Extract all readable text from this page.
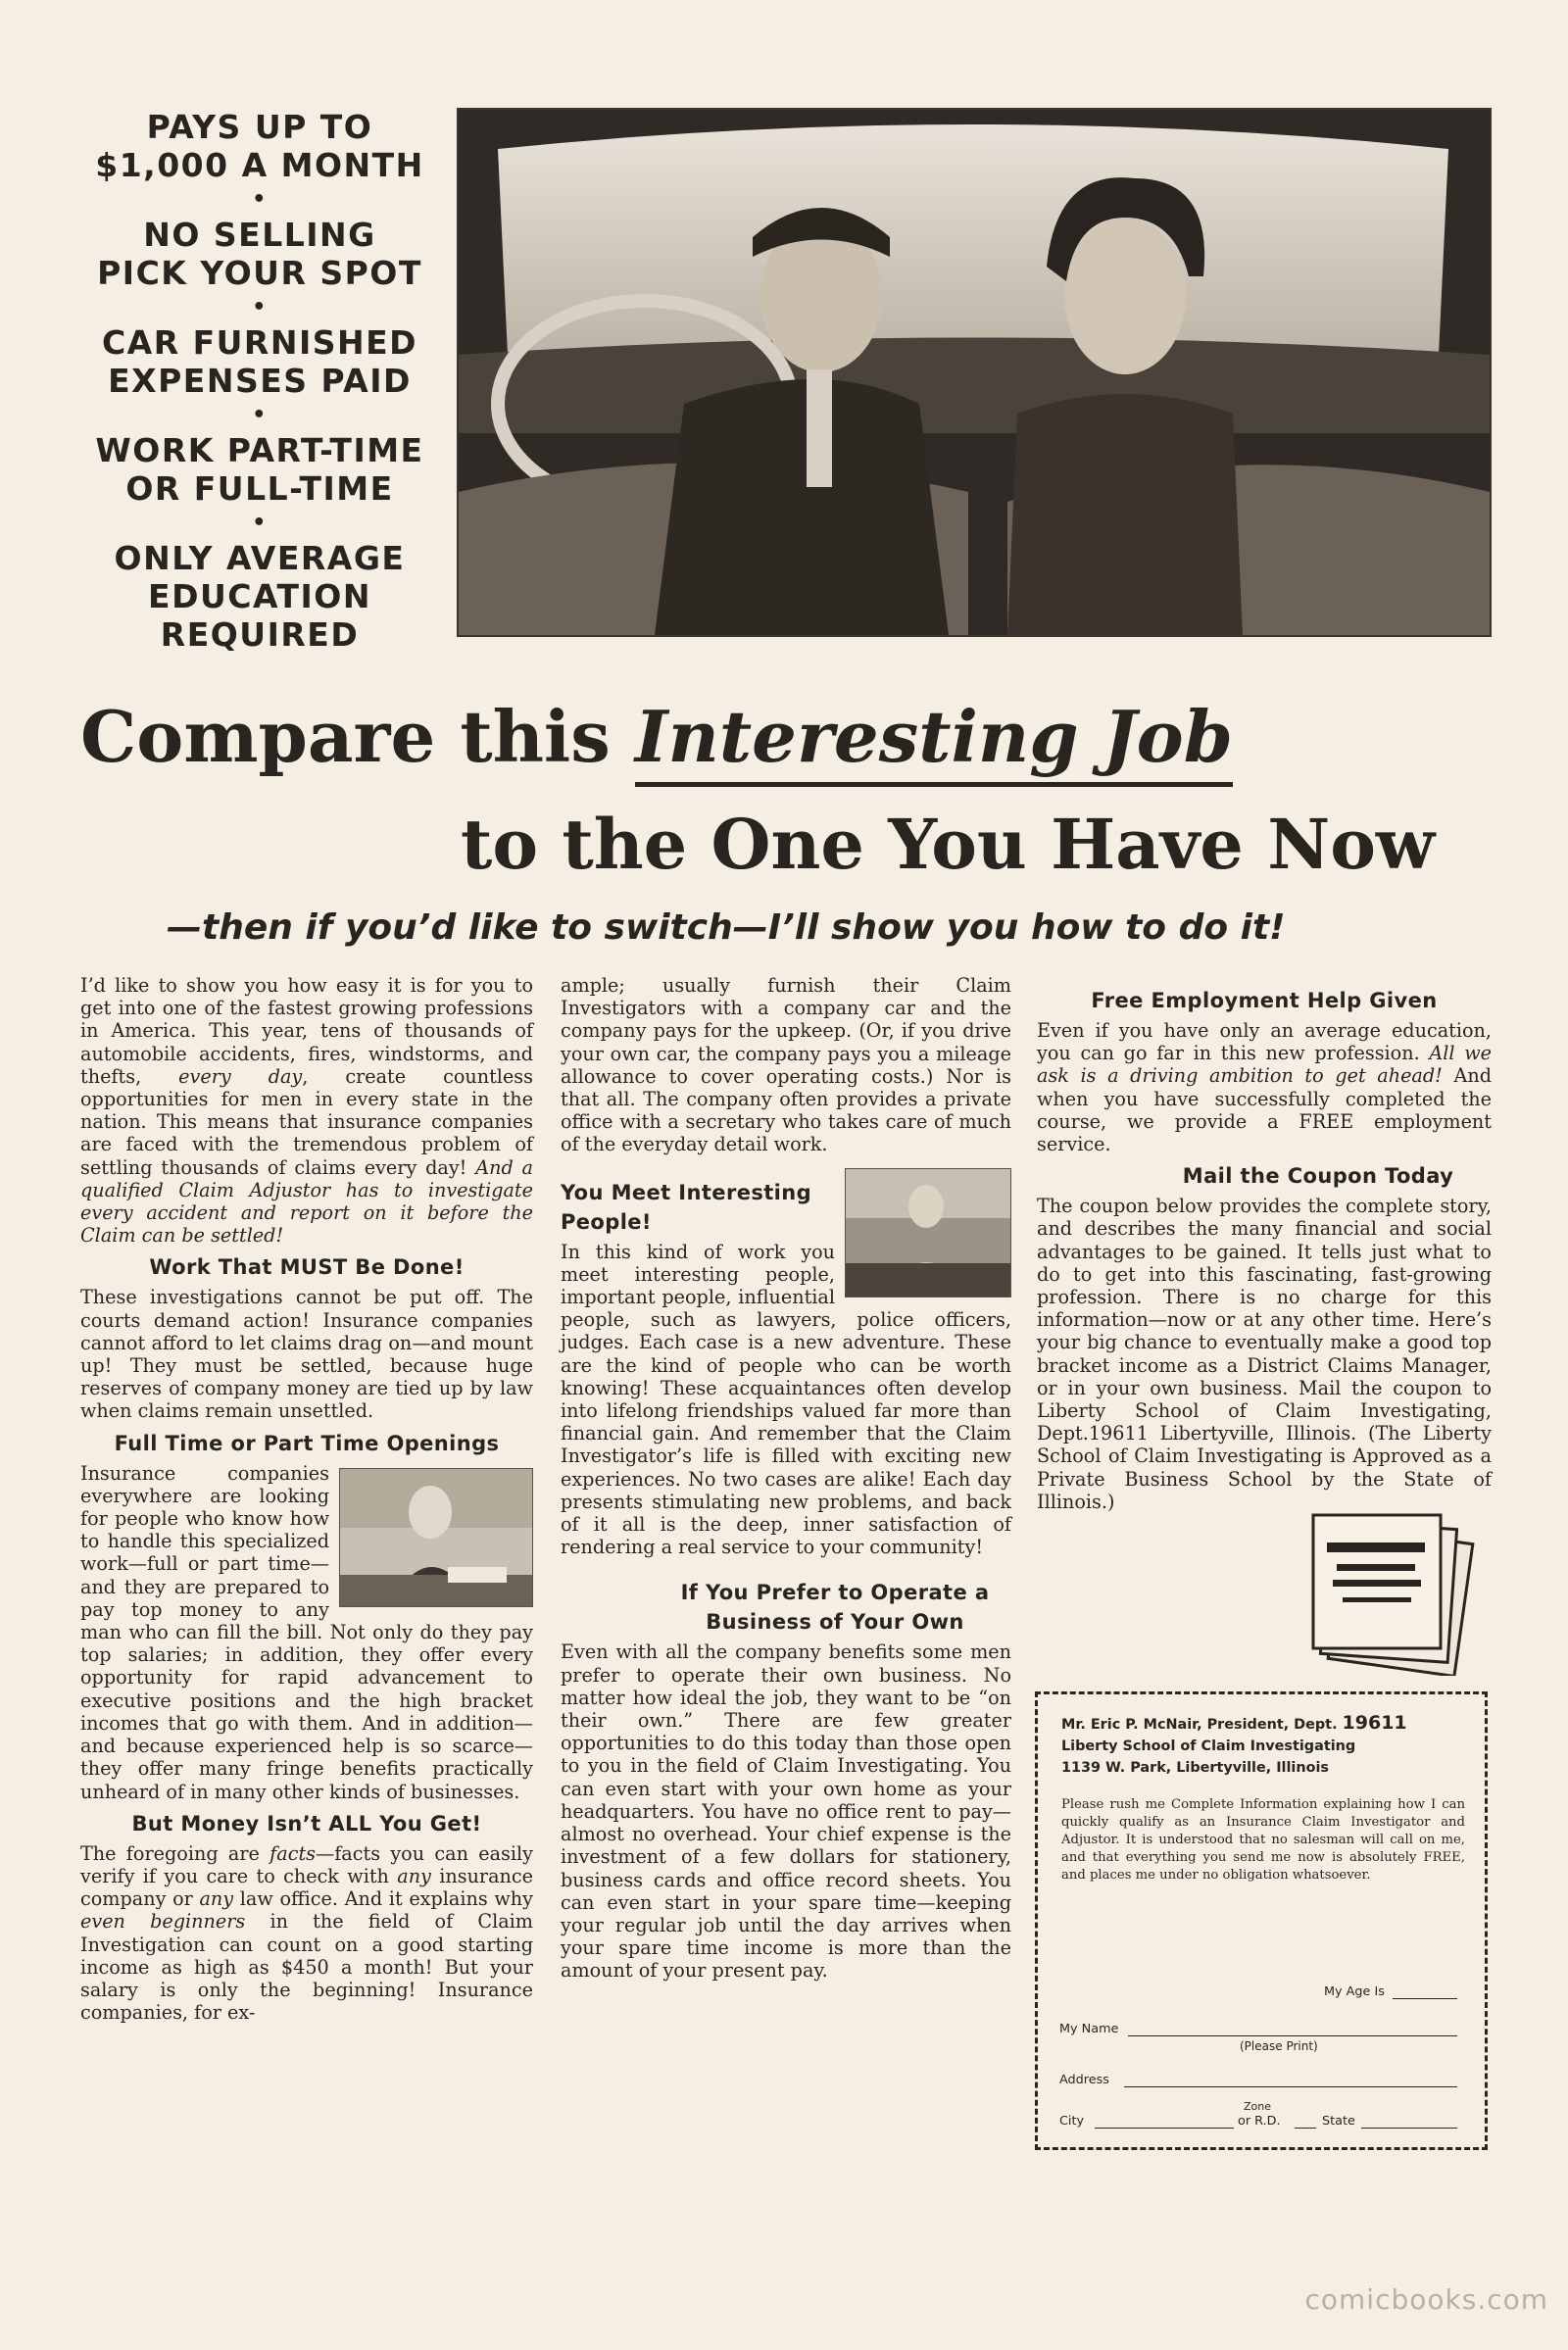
PAYS UP TO
$1,000 A MONTH
•
NO SELLING
PICK YOUR SPOT
•
CAR FURNISHED
EXPENSES PAID
•
WORK PART-TIME
OR FULL-TIME
•
ONLY AVERAGE
EDUCATION
REQUIRED
Compare this Interesting Job
to the One You Have Now
—then if you’d like to switch—I’ll show you how to do it!

I’d like to show you how easy it is for you to get into one of the fastest growing professions in America. This year, tens of thousands of automobile accidents, fires, windstorms, and thefts, every day, create countless opportunities for men in every state in the nation. This means that insurance companies are faced with the tremendous problem of settling thousands of claims every day! And a qualified Claim Adjustor has to investigate every accident and report on it before the Claim can be settled!

Work That MUST Be Done!

These investigations cannot be put off. The courts demand action! Insurance companies cannot afford to let claims drag on—and mount up! They must be settled, because huge reserves of company money are tied up by law when claims remain unsettled.

Full Time or Part Time Openings

Insurance companies everywhere are looking for people who know how to handle this specialized work—full or part time—and they are prepared to pay top money to any man who can fill the bill. Not only do they pay top salaries; in addition, they offer every opportunity for rapid advancement to executive positions and the high bracket incomes that go with them. And in addition—and because experienced help is so scarce—they offer many fringe benefits practically unheard of in many other kinds of businesses.

But Money Isn’t ALL You Get!

The foregoing are facts—facts you can easily verify if you care to check with any insurance company or any law office. And it explains why even beginners in the field of Claim Investigation can count on a good starting income as high as $450 a month! But your salary is only the beginning! Insurance companies, for ex-

ample; usually furnish their Claim Investigators with a company car and the company pays for the upkeep. (Or, if you drive your own car, the company pays you a mileage allowance to cover operating costs.) Nor is that all. The company often provides a private office with a secretary who takes care of much of the everyday detail work.

You Meet Interesting People!

In this kind of work you meet interesting people, important people, influential people, such as lawyers, police officers, judges. Each case is a new adventure. These are the kind of people who can be worth knowing! These acquaintances often develop into lifelong friendships valued far more than financial gain. And remember that the Claim Investigator’s life is filled with exciting new experiences. No two cases are alike! Each day presents stimulating new problems, and back of it all is the deep, inner satisfaction of rendering a real service to your community!

If You Prefer to Operate a Business of Your Own

Even with all the company benefits some men prefer to operate their own business. No matter how ideal the job, they want to be “on their own.” There are few greater opportunities to do this today than those open to you in the field of Claim Investigating. You can even start with your own home as your headquarters. You have no office rent to pay—almost no overhead. Your chief expense is the investment of a few dollars for stationery, business cards and office record sheets. You can even start in your spare time—keeping your regular job until the day arrives when your spare time income is more than the amount of your present pay.

Free Employment Help Given

Even if you have only an average education, you can go far in this new profession. All we ask is a driving ambition to get ahead! And when you have successfully completed the course, we provide a FREE employment service.

Mail the Coupon Today

The coupon below provides the complete story, and describes the many financial and social advantages to be gained. It tells just what to do to get into this fascinating, fast-growing profession. There is no charge for this information—now or at any other time. Here’s your big chance to eventually make a good top bracket income as a District Claims Manager, or in your own business. Mail the coupon to Liberty School of Claim Investigating, Dept.19611 Libertyville, Illinois. (The Liberty School of Claim Investigating is Approved as a Private Business School by the State of Illinois.)

Mr. Eric P. McNair, President, Dept. 19611
Liberty School of Claim Investigating
1139 W. Park, Libertyville, Illinois
Please rush me Complete Information explaining how I can quickly qualify as an Insurance Claim Investigator and Adjustor. It is understood that no salesman will call on me, and that everything you send me now is absolutely FREE, and places me under no obligation whatsoever.
My Age Is
My Name
(Please Print)
Address
Zone
City	or R.D.	State
comicbooks.com
